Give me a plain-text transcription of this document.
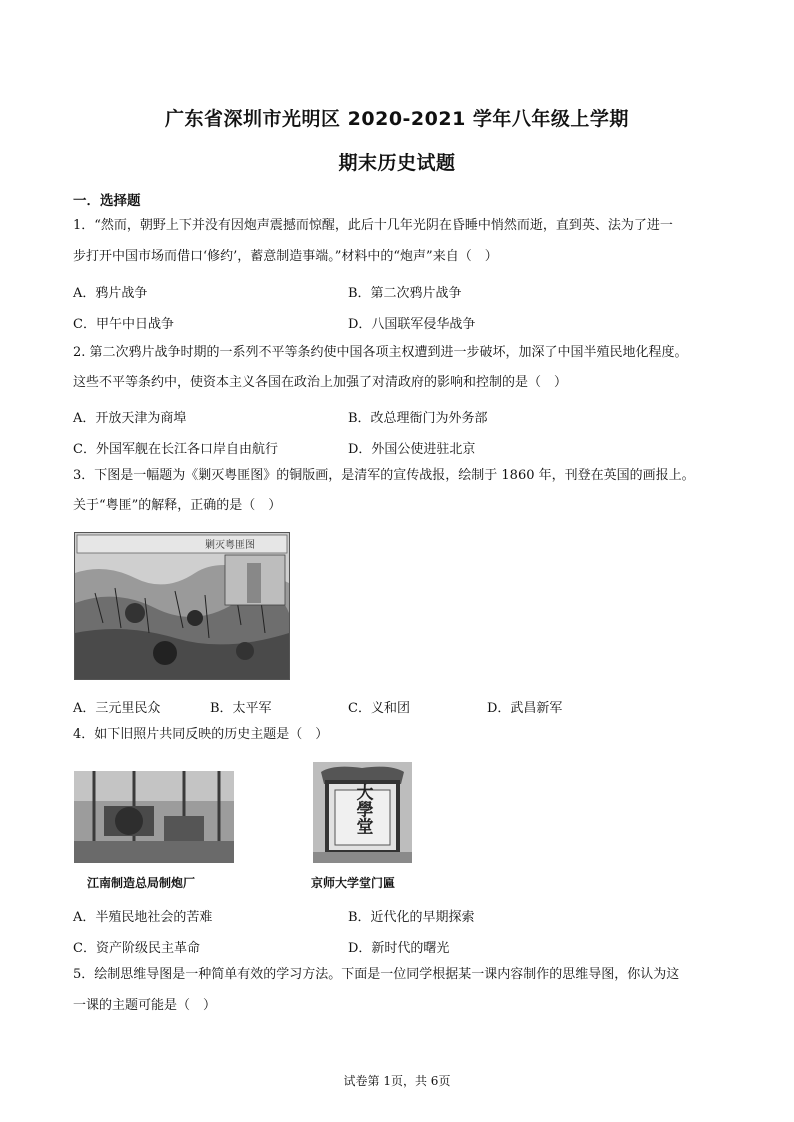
广东省深圳市光明区 2020-2021 学年八年级上学期
期末历史试题
一．选择题
1．“然而，朝野上下并没有因炮声震撼而惊醒，此后十几年光阴在昏睡中悄然而逝，直到英、法为了进一
步打开中国市场而借口‘修约’，蓄意制造事端。”材料中的“炮声”来自（　）
A．鸦片战争	B．第二次鸦片战争
C．甲午中日战争	D．八国联军侵华战争
2. 第二次鸦片战争时期的一系列不平等条约使中国各项主权遭到进一步破坏，加深了中国半殖民地化程度。
这些不平等条约中，使资本主义各国在政治上加强了对清政府的影响和控制的是（　）
A．开放天津为商埠	B．改总理衙门为外务部
C．外国军舰在长江各口岸自由航行	D．外国公使进驻北京
3．下图是一幅题为《剿灭粤匪图》的铜版画，是清军的宣传战报，绘制于 1860 年，刊登在英国的画报上。
关于“粤匪”的解释，正确的是（　）
剿灭粤匪图
A．三元里民众	B．太平军	C．义和团	D．武昌新军
4．如下旧照片共同反映的历史主题是（　）
大學堂
江南制造总局制炮厂	京师大学堂门匾
A．半殖民地社会的苦难	B．近代化的早期探索
C．资产阶级民主革命	D．新时代的曙光
5．绘制思维导图是一种简单有效的学习方法。下面是一位同学根据某一课内容制作的思维导图，你认为这
一课的主题可能是（　）
试卷第 1页，共 6页
